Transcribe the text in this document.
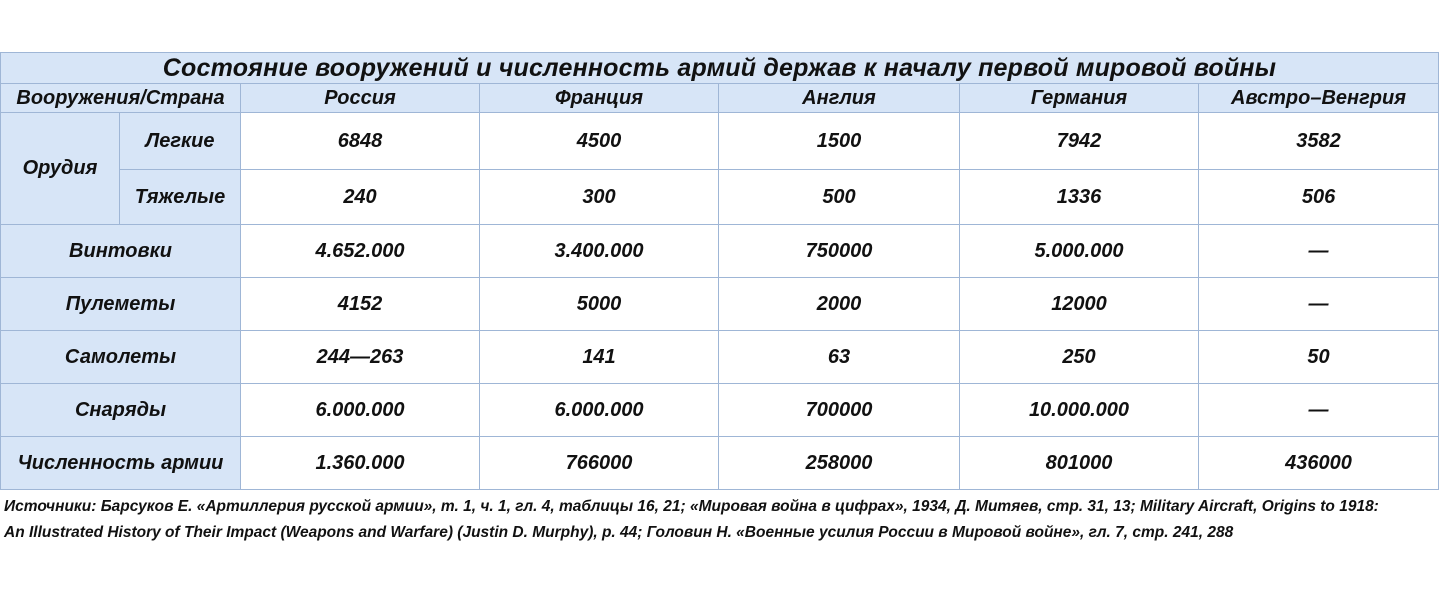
Состояние вооружений и численность армий держав к началу первой мировой войны						
Вооружения/Страна		Россия	Франция	Англия	Германия	Австро–Венгрия
Орудия	Легкие	6848	4500	1500	7942	3582
	Тяжелые	240	300	500	1336	506
Винтовки		4.652.000	3.400.000	750000	5.000.000	—
Пулеметы		4152	5000	2000	12000	—
Самолеты		244—263	141	63	250	50
Снаряды		6.000.000	6.000.000	700000	10.000.000	—
Численность армии		1.360.000	766000	258000	801000	436000
Источники: Барсуков Е. «Артиллерия русской армии», т. 1, ч. 1, гл. 4, таблицы 16, 21; «Мировая война в цифрах», 1934, Д. Митяев, стр. 31, 13; Military Aircraft, Origins to 1918:
An Illustrated History of Their Impact (Weapons and Warfare) (Justin D. Murphy), p. 44; Головин Н. «Военные усилия России в Мировой войне», гл. 7, стр. 241, 288
